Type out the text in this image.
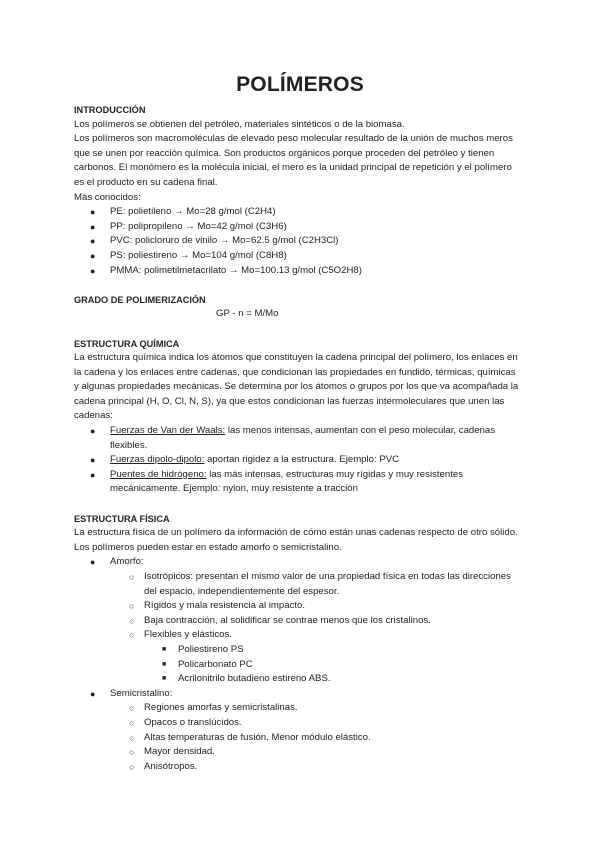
POLÍMEROS

INTRODUCCIÓN

Los polímeros se obtienen del petróleo, materiales sintéticos o de la biomasa.

Los polímeros son macromoléculas de elevado peso molecular resultado de la unión de muchos meros que se unen por reacción química. Son productos orgánicos porque proceden del petróleo y tienen carbonos. El monómero es la molécula inicial, el mero es la unidad principal de repetición y el polímero es el producto en su cadena final.

Más conocidos:

● PE: polietileno → Mo=28 g/mol (C2H4)
● PP: polipropileno → Mo=42 g/mol (C3H6)
● PVC: policloruro de vinilo → Mo=62.5 g/mol (C2H3Cl)
● PS: poliestireno → Mo=104 g/mol (C8H8)
● PMMA: polimetilmetacrilato → Mo=100.13 g/mol (C5O2H8)

GRADO DE POLIMERIZACIÓN

GP - n = M/Mo

ESTRUCTURA QUÍMICA

La estructura química indica los átomos que constituyen la cadena principal del polímero, los enlaces en la cadena y los enlaces entre cadenas, que condicionan las propiedades en fundido, térmicas, químicas y algunas propiedades mecánicas. Se determina por los átomos o grupos por los que va acompañada la cadena principal (H, O, Cl, N, S), ya que estos condicionan las fuerzas intermoleculares que unen las cadenas:

● Fuerzas de Van der Waals: las menos intensas, aumentan con el peso molecular, cadenas flexibles.
● Fuerzas dipolo-dipolo: aportan rigidez a la estructura. Ejemplo: PVC
● Puentes de hidrógeno: las más intensas, estructuras muy rígidas y muy resistentes mecánicamente. Ejemplo: nylon, muy resistente a tracción

ESTRUCTURA FÍSICA

La estructura física de un polímero da información de cómo están unas cadenas respecto de otro sólido. Los polímeros pueden estar en estado amorfo o semicristalino.

● Amorfo:
○ Isotrópicos: presentan el mismo valor de una propiedad física en todas las direcciones del espacio, independientemente del espesor.
○ Rígidos y mala resistencia al impacto.
○ Baja contracción, al solidificar se contrae menos que los cristalinos.
○ Flexibles y elásticos.
■ Poliestireno PS
■ Policarbonato PC
■ Acrilonitrilo butadieno estireno ABS.
● Semicristalino:
○ Regiones amorfas y semicristalinas.
○ Opacos o translúcidos.
○ Altas temperaturas de fusión. Menor módulo elástico.
○ Mayor densidad.
○ Anisótropos.
